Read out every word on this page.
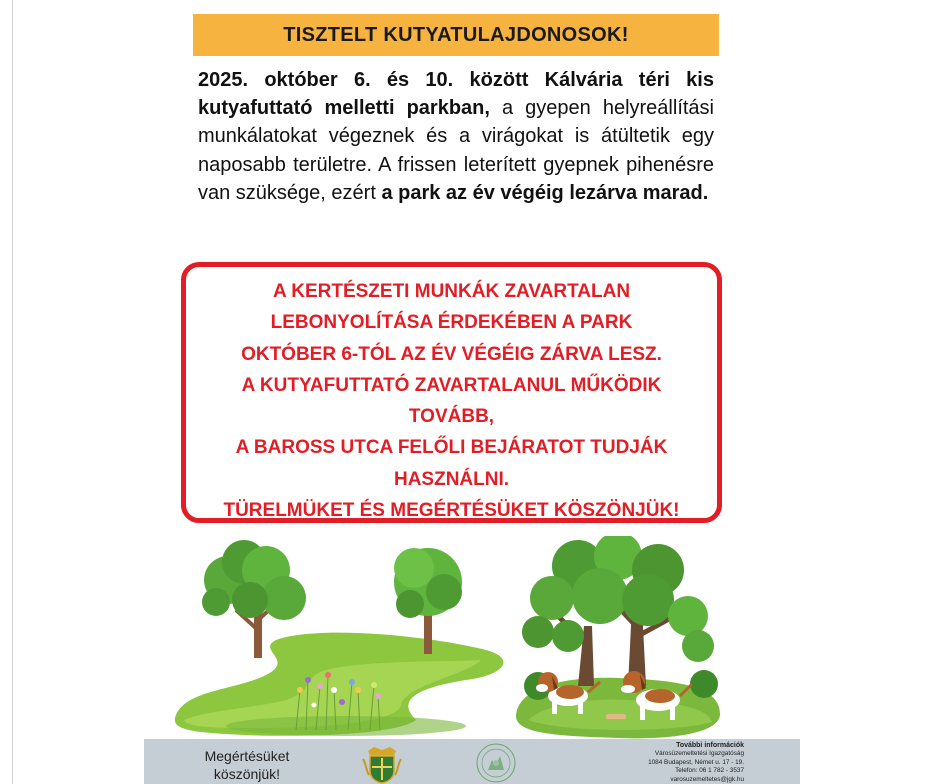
TISZTELT KUTYATULAJDONOSOK!
2025. október 6. és 10. között Kálvária téri kis kutyafuttató melletti parkban, a gyepen helyreállítási munkálatokat végeznek és a virágokat is átültetik egy naposabb területre. A frissen leterített gyepnek pihenésre van szüksége, ezért a park az év végéig lezárva marad.
A KERTÉSZETI MUNKÁK ZAVARTALAN
LEBONYOLÍTÁSA ÉRDEKÉBEN A PARK
OKTÓBER 6-TÓL AZ ÉV VÉGÉIG ZÁRVA LESZ.
A KUTYAFUTTATÓ ZAVARTALANUL MŰKÖDIK
TOVÁBB,
A BAROSS UTCA FELŐLI BEJÁRATOT TUDJÁK
HASZNÁLNI.
TÜRELMÜKET ÉS MEGÉRTÉSÜKET KÖSZÖNJÜK!
Megértésüket
köszönjük!
További információk
Városüzemeltetési Igazgatóság
1084 Budapest, Német u. 17 - 19.
Telefon: 06 1 782 - 3537
varosuzemeltetes@jgk.hu
